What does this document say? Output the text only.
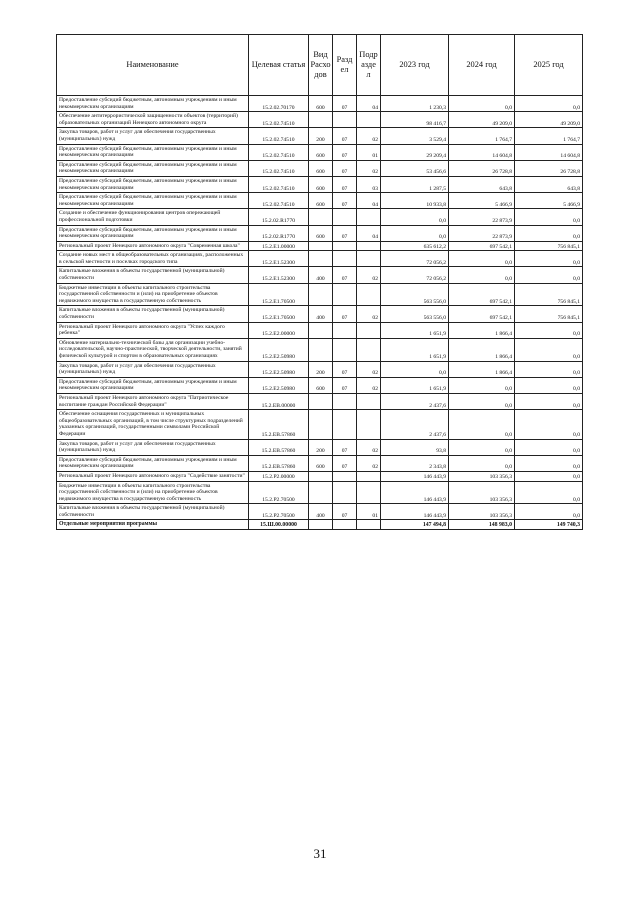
Наименование	Целевая статья	Вид Расхо дов	Разд ел	Подр азде л	2023 год	2024 год	2025 год
Предоставление субсидий бюджетным, автономным учреждениям и иным некоммерческим организациям	15.2.02.70170	600	07	04	1 230,3	0,0	0,0
Обеспечение антитеррористической защищенности объектов (территорий) образовательных организаций Ненецкого автономного округа	15.2.02.74510				98 416,7	49 209,0	49 209,0
Закупка товаров, работ и услуг для обеспечения государственных (муниципальных) нужд	15.2.02.74510	200	07	02	3 529,4	1 764,7	1 764,7
Предоставление субсидий бюджетным, автономным учреждениям и иным некоммерческим организациям	15.2.02.74510	600	07	01	29 209,4	14 604,8	14 604,8
Предоставление субсидий бюджетным, автономным учреждениям и иным некоммерческим организациям	15.2.02.74510	600	07	02	53 456,6	26 728,8	26 728,8
Предоставление субсидий бюджетным, автономным учреждениям и иным некоммерческим организациям	15.2.02.74510	600	07	03	1 287,5	643,8	643,8
Предоставление субсидий бюджетным, автономным учреждениям и иным некоммерческим организациям	15.2.02.74510	600	07	04	10 933,8	5 466,9	5 466,9
Создание и обеспечение функционирования центров опережающей профессиональной подготовки	15.2.02.R1770				0,0	22 873,9	0,0
Предоставление субсидий бюджетным, автономным учреждениям и иным некоммерческим организациям	15.2.02.R1770	600	07	04	0,0	22 873,9	0,0
Региональный проект Ненецкого автономного округа "Современная школа"	15.2.E1.00000				635 612,2	697 542,1	756 845,1
Создание новых мест в общеобразовательных организациях, расположенных в сельской местности и поселках городского типа	15.2.E1.52300				72 056,2	0,0	0,0
Капитальные вложения в объекты государственной (муниципальной) собственности	15.2.E1.52300	400	07	02	72 056,2	0,0	0,0
Бюджетные инвестиции в объекты капитального строительства государственной собственности и (или) на приобретение объектов недвижимого имущества в государственную собственность	15.2.E1.70500				563 556,0	697 542,1	756 845,1
Капитальные вложения в объекты государственной (муниципальной) собственности	15.2.E1.70500	400	07	02	563 556,0	697 542,1	756 845,1
Региональный проект Ненецкого автономного округа "Успех каждого ребенка"	15.2.E2.00000				1 651,9	1 866,4	0,0
Обновление материально-технической базы для организации учебно-исследовательской, научно-практической, творческой деятельности, занятий физической культурой и спортом в образовательных организациях	15.2.E2.50980				1 651,9	1 866,4	0,0
Закупка товаров, работ и услуг для обеспечения государственных (муниципальных) нужд	15.2.E2.50980	200	07	02	0,0	1 866,4	0,0
Предоставление субсидий бюджетным, автономным учреждениям и иным некоммерческим организациям	15.2.E2.50980	600	07	02	1 651,9	0,0	0,0
Региональный проект Ненецкого автономного округа "Патриотическое воспитание граждан Российской Федерации"	15.2.EB.00000				2 437,6	0,0	0,0
Обеспечение оснащения государственных и муниципальных общеобразовательных организаций, в том числе структурных подразделений указанных организаций, государственными символами Российской Федерации	15.2.EB.57860				2 437,6	0,0	0,0
Закупка товаров, работ и услуг для обеспечения государственных (муниципальных) нужд	15.2.EB.57860	200	07	02	93,8	0,0	0,0
Предоставление субсидий бюджетным, автономным учреждениям и иным некоммерческим организациям	15.2.EB.57860	600	07	02	2 343,8	0,0	0,0
Региональный проект Ненецкого автономного округа "Содействие занятости"	15.2.P2.00000				146 443,9	103 356,3	0,0
Бюджетные инвестиции в объекты капитального строительства государственной собственности и (или) на приобретение объектов недвижимого имущества в государственную собственность	15.2.P2.70500				146 443,9	103 356,3	0,0
Капитальные вложения в объекты государственной (муниципальной) собственности	15.2.P2.70500	400	07	01	146 443,9	103 356,3	0,0
Отдельные мероприятия программы	15.Ш.00.00000				147 494,8	148 983,0	149 740,3
31
